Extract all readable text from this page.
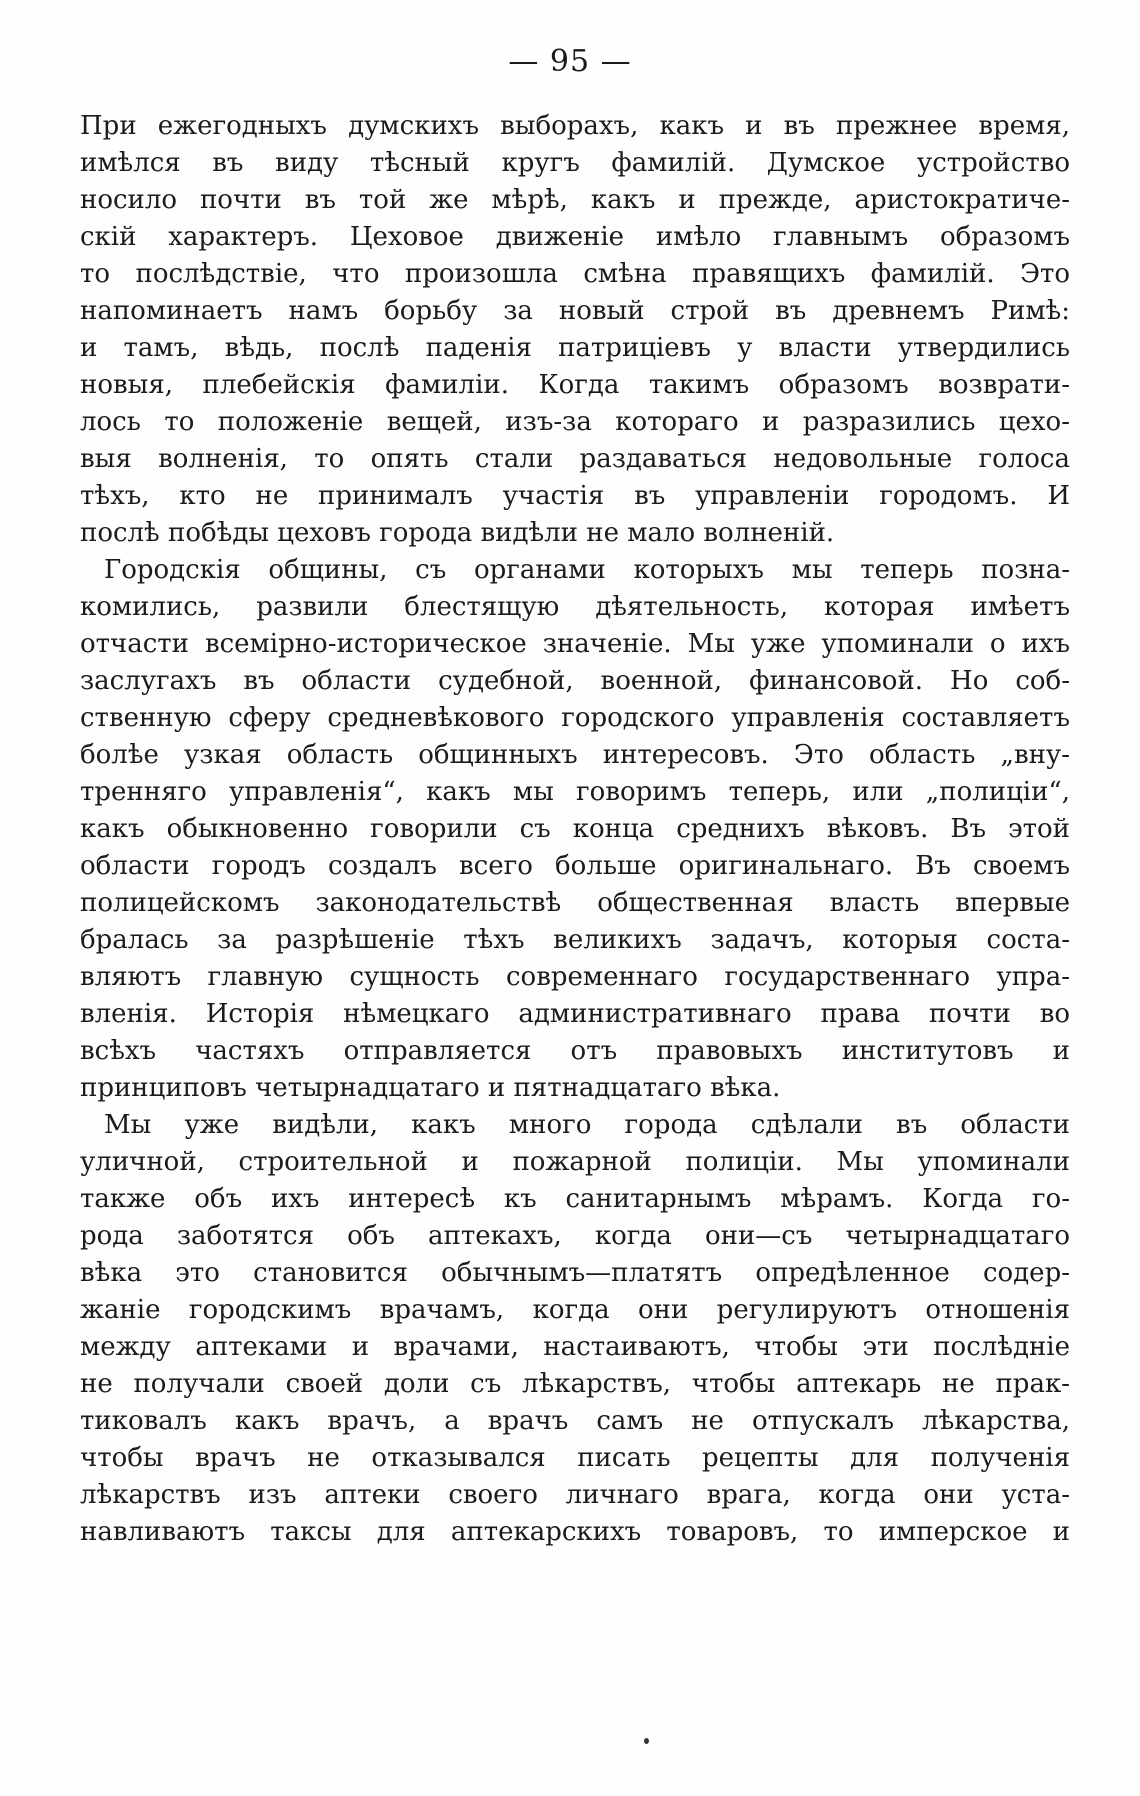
— 95 —
При ежегодныхъ думскихъ выборахъ, какъ и въ прежнее время,
имѣлся въ виду тѣсный кругъ фамилій. Думское устройство
носило почти въ той же мѣрѣ, какъ и прежде, аристократиче-
скій характеръ. Цеховое движеніе имѣло главнымъ образомъ
то послѣдствіе, что произошла смѣна правящихъ фамилій. Это
напоминаетъ намъ борьбу за новый строй въ древнемъ Римѣ:
и тамъ, вѣдь, послѣ паденія патриціевъ у власти утвердились
новыя, плебейскія фамиліи. Когда такимъ образомъ возврати-
лось то положеніе вещей, изъ-за котораго и разразились цехо-
выя волненія, то опять стали раздаваться недовольные голоса
тѣхъ, кто не принималъ участія въ управленіи городомъ. И
послѣ побѣды цеховъ города видѣли не мало волненій.
Городскія общины, съ органами которыхъ мы теперь позна-
комились, развили блестящую дѣятельность, которая имѣетъ
отчасти всемірно-историческое значеніе. Мы уже упоминали о ихъ
заслугахъ въ области судебной, военной, финансовой. Но соб-
ственную сферу средневѣкового городского управленія составляетъ
болѣе узкая область общинныхъ интересовъ. Это область „вну-
тренняго управленія“, какъ мы говоримъ теперь, или „полиціи“,
какъ обыкновенно говорили съ конца среднихъ вѣковъ. Въ этой
области городъ создалъ всего больше оригинальнаго. Въ своемъ
полицейскомъ законодательствѣ общественная власть впервые
бралась за разрѣшеніе тѣхъ великихъ задачъ, которыя соста-
вляютъ главную сущность современнаго государственнаго упра-
вленія. Исторія нѣмецкаго административнаго права почти во
всѣхъ частяхъ отправляется отъ правовыхъ институтовъ и
принциповъ четырнадцатаго и пятнадцатаго вѣка.
Мы уже видѣли, какъ много города сдѣлали въ области
уличной, строительной и пожарной полиціи. Мы упоминали
также объ ихъ интересѣ къ санитарнымъ мѣрамъ. Когда го-
рода заботятся объ аптекахъ, когда они—съ четырнадцатаго
вѣка это становится обычнымъ—платятъ опредѣленное содер-
жаніе городскимъ врачамъ, когда они регулируютъ отношенія
между аптеками и врачами, настаиваютъ, чтобы эти послѣдніе
не получали своей доли съ лѣкарствъ, чтобы аптекарь не прак-
тиковалъ какъ врачъ, а врачъ самъ не отпускалъ лѣкарства,
чтобы врачъ не отказывался писать рецепты для полученія
лѣкарствъ изъ аптеки своего личнаго врага, когда они уста-
навливаютъ таксы для аптекарскихъ товаровъ, то имперское и
